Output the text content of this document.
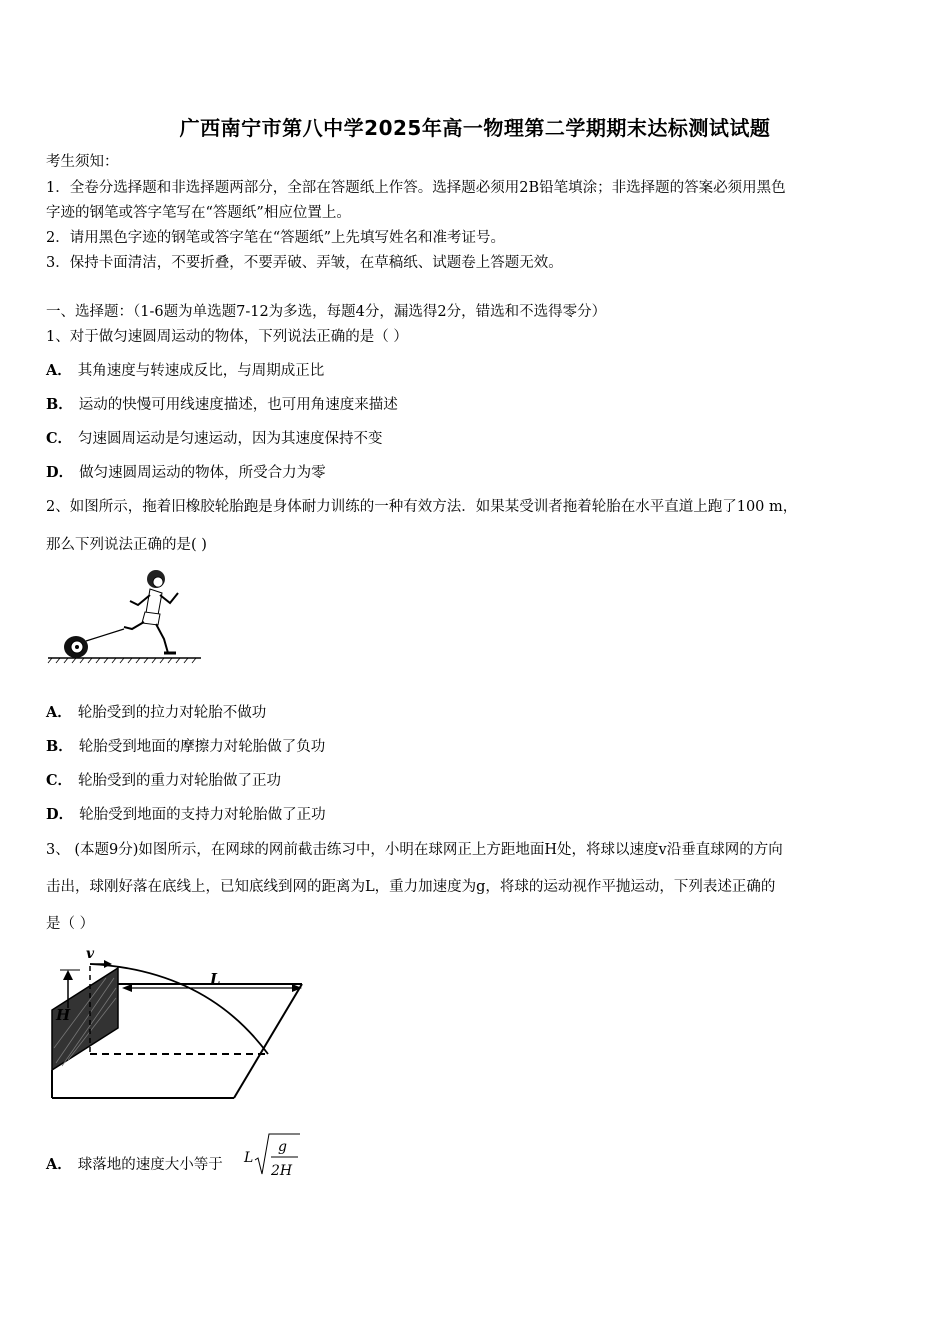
广西南宁市第八中学2025年高一物理第二学期期末达标测试试题
考生须知：
1．全卷分选择题和非选择题两部分，全部在答题纸上作答。选择题必须用2B铅笔填涂；非选择题的答案必须用黑色
字迹的钢笔或答字笔写在“答题纸”相应位置上。
2．请用黑色字迹的钢笔或答字笔在“答题纸”上先填写姓名和准考证号。
3．保持卡面清洁，不要折叠，不要弄破、弄皱，在草稿纸、试题卷上答题无效。
一、选择题：（1-6题为单选题7-12为多选，每题4分，漏选得2分，错选和不选得零分）
1、对于做匀速圆周运动的物体，下列说法正确的是（ ）
A． 其角速度与转速成反比，与周期成正比
B． 运动的快慢可用线速度描述，也可用角速度来描述
C． 匀速圆周运动是匀速运动，因为其速度保持不变
D． 做匀速圆周运动的物体，所受合力为零
2、如图所示，拖着旧橡胶轮胎跑是身体耐力训练的一种有效方法．如果某受训者拖着轮胎在水平直道上跑了100 m，
那么下列说法正确的是( )
A． 轮胎受到的拉力对轮胎不做功
B． 轮胎受到地面的摩擦力对轮胎做了负功
C． 轮胎受到的重力对轮胎做了正功
D． 轮胎受到地面的支持力对轮胎做了正功
3、 (本题9分)如图所示，在网球的网前截击练习中，小明在球网正上方距地面H处，将球以速度v沿垂直球网的方向
击出，球刚好落在底线上，已知底线到网的距离为L，重力加速度为g，将球的运动视作平抛运动，下列表述正确的
是（ ）
v
H
L
A． 球落地的速度大小等于 L
g
2H
